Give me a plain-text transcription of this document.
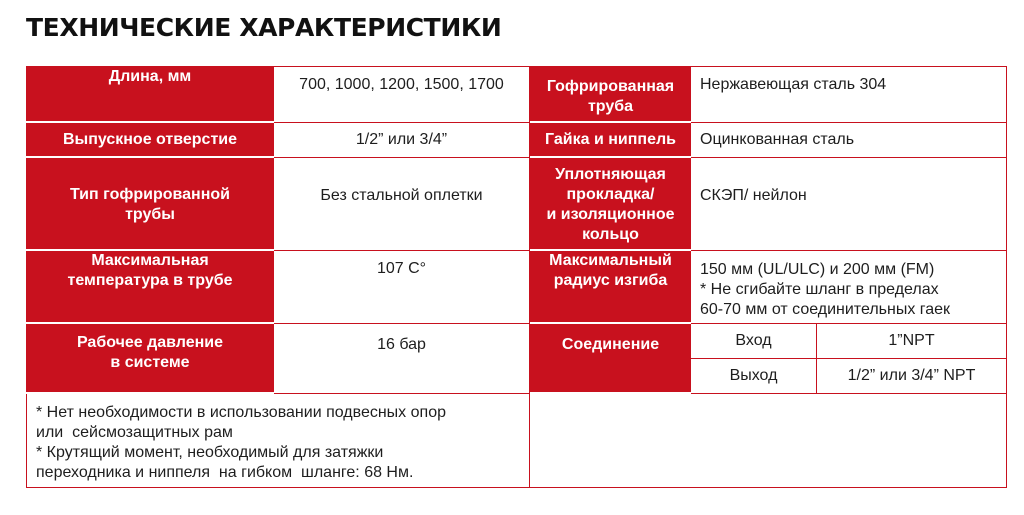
ТЕХНИЧЕСКИЕ ХАРАКТЕРИСТИКИ
Длина, мм
Выпускное отверстие
Тип гофрированной
трубы
Максимальная
температура в трубе
Рабочее давление
в системе
700, 1000, 1200, 1500, 1700
1/2” или 3/4”
Без стальной оплетки
107 С°
16 бар
Гофрированная
труба
Гайка и ниппель
Уплотняющая
прокладка/
и изоляционное
кольцо
Максимальный
радиус изгиба
Соединение
Нержавеющая сталь 304
Оцинкованная сталь
СКЭП/ нейлон
150 мм (UL/ULC) и 200 мм (FM)
* Не сгибайте шланг в пределах
60-70 мм от соединительных гаек
Вход	1”NPT
Выход	1/2” или 3/4” NPT
* Нет необходимости в использовании подвесных опор
или  сейсмозащитных рам
* Крутящий момент, необходимый для затяжки
переходника и ниппеля  на гибком  шланге: 68 Нм.
